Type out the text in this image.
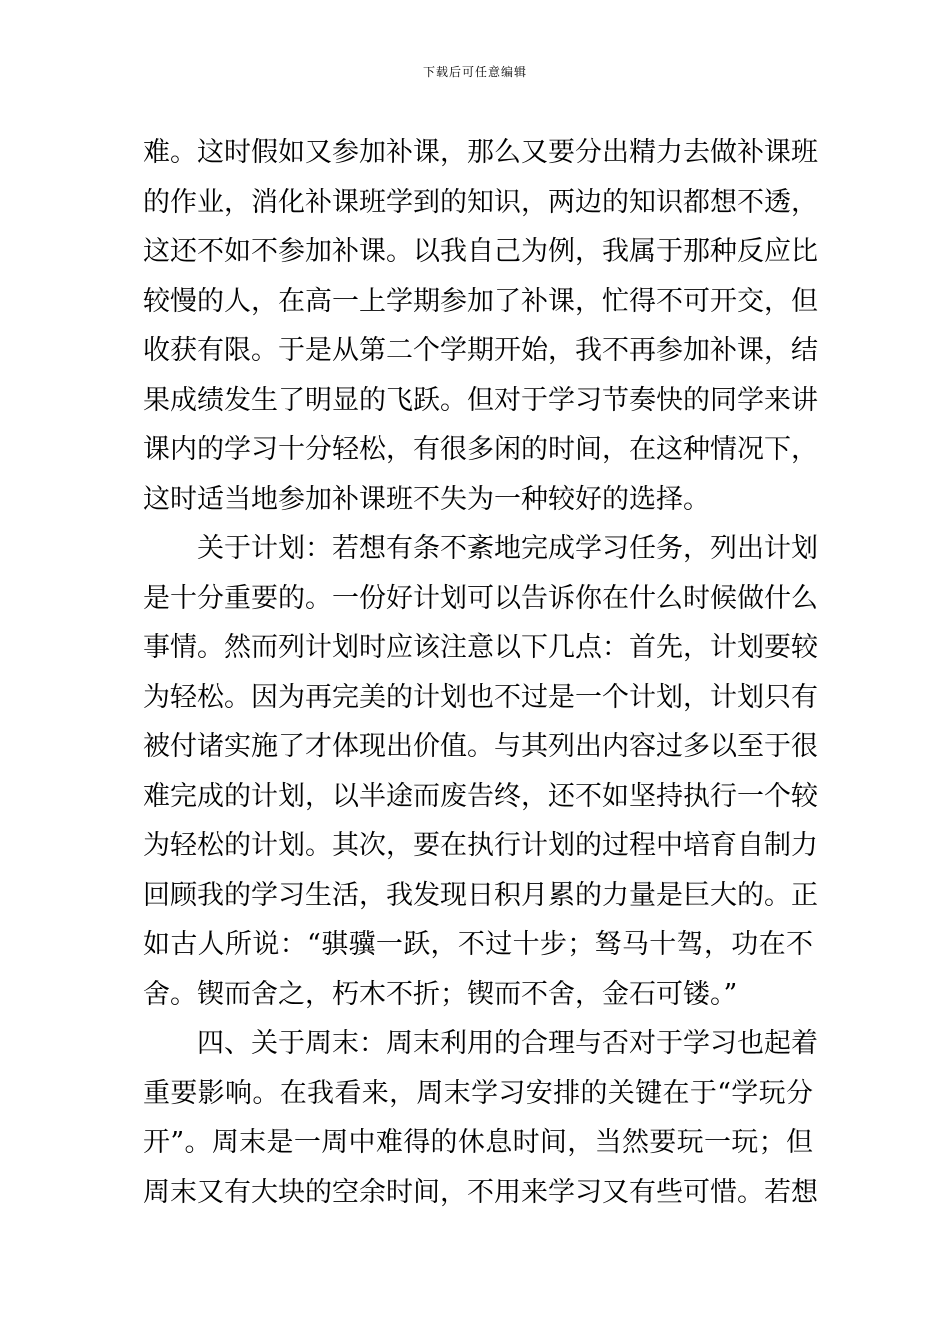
下载后可任意编辑
难。这时假如又参加补课，那么又要分出精力去做补课班
的作业，消化补课班学到的知识，两边的知识都想不透，
这还不如不参加补课。以我自己为例，我属于那种反应比
较慢的人，在高一上学期参加了补课，忙得不可开交，但
收获有限。于是从第二个学期开始，我不再参加补课，结
果成绩发生了明显的飞跃。但对于学习节奏快的同学来讲
课内的学习十分轻松，有很多闲的时间，在这种情况下，
这时适当地参加补课班不失为一种较好的选择。
关于计划：若想有条不紊地完成学习任务，列出计划
是十分重要的。一份好计划可以告诉你在什么时候做什么
事情。然而列计划时应该注意以下几点：首先，计划要较
为轻松。因为再完美的计划也不过是一个计划，计划只有
被付诸实施了才体现出价值。与其列出内容过多以至于很
难完成的计划，以半途而废告终，还不如坚持执行一个较
为轻松的计划。其次，要在执行计划的过程中培育自制力
回顾我的学习生活，我发现日积月累的力量是巨大的。正
如古人所说：“骐骥一跃，不过十步；驽马十驾，功在不
舍。锲而舍之，朽木不折；锲而不舍，金石可镂。”
四、关于周末：周末利用的合理与否对于学习也起着
重要影响。在我看来，周末学习安排的关键在于“学玩分
开”。周末是一周中难得的休息时间，当然要玩一玩；但
周末又有大块的空余时间，不用来学习又有些可惜。若想
